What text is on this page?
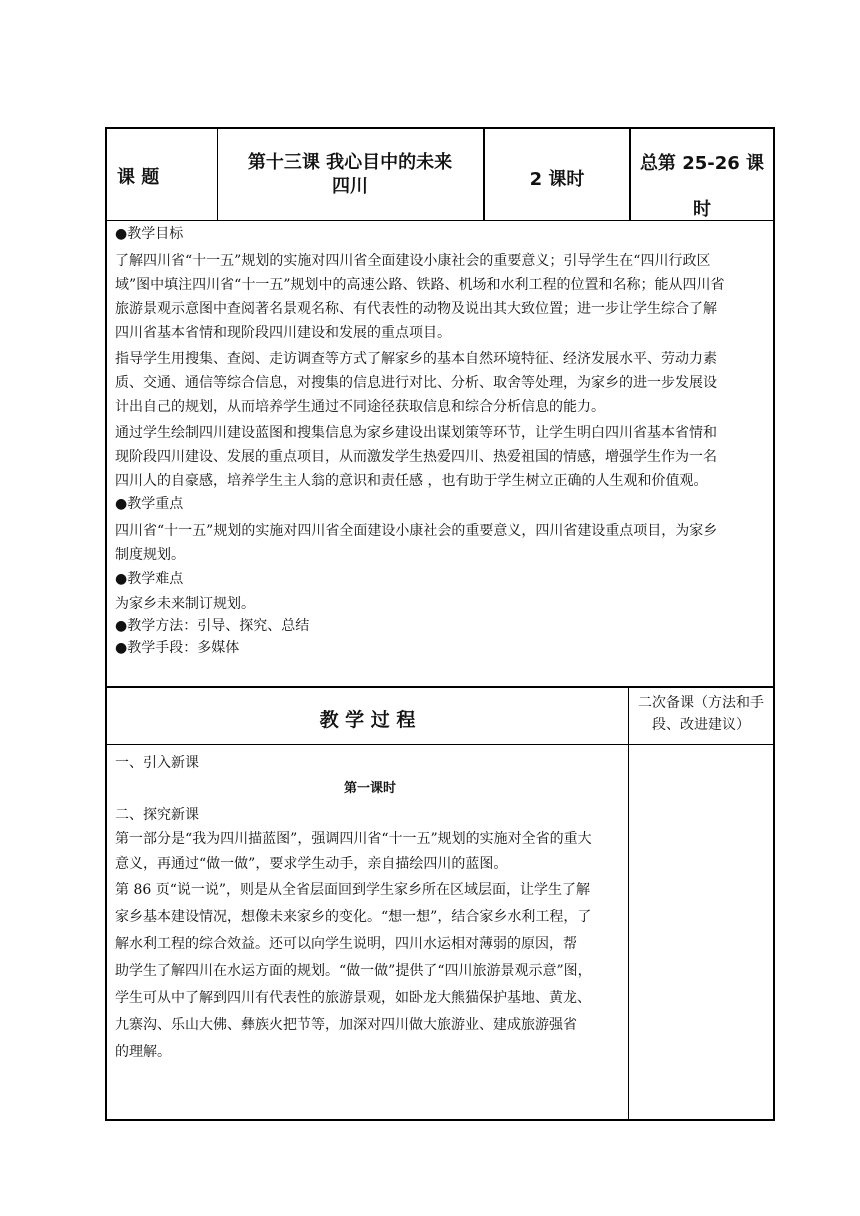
课 题
第十三课 我心目中的未来
四川	2 课时
总第 25-26 课
时

●教学目标

了解四川省“十一五”规划的实施对四川省全面建设小康社会的重要意义；引导学生在“四川行政区

域”图中填注四川省“十一五”规划中的高速公路、铁路、机场和水利工程的位置和名称；能从四川省

旅游景观示意图中查阅著名景观名称、有代表性的动物及说出其大致位置；进一步让学生综合了解

四川省基本省情和现阶段四川建设和发展的重点项目。

指导学生用搜集、查阅、走访调查等方式了解家乡的基本自然环境特征、经济发展水平、劳动力素

质、交通、通信等综合信息，对搜集的信息进行对比、分析、取舍等处理，为家乡的进一步发展设

计出自己的规划，从而培养学生通过不同途径获取信息和综合分析信息的能力。

通过学生绘制四川建设蓝图和搜集信息为家乡建设出谋划策等环节，让学生明白四川省基本省情和

现阶段四川建设、发展的重点项目，从而激发学生热爱四川、热爱祖国的情感，增强学生作为一名

四川人的自豪感，培养学生主人翁的意识和责任感 ，也有助于学生树立正确的人生观和价值观。

●教学重点

四川省“十一五”规划的实施对四川省全面建设小康社会的重要意义，四川省建设重点项目，为家乡

制度规划。

●教学难点

为家乡未来制订规划。

●教学方法：引导、探究、总结

●教学手段：多媒体

教 学 过 程
二次备课（方法和手
段、改进建议）

一、引入新课

第一课时

二、探究新课

第一部分是“我为四川描蓝图”，强调四川省“十一五”规划的实施对全省的重大

意义，再通过“做一做”，要求学生动手，亲自描绘四川的蓝图。

第 86 页“说一说”，则是从全省层面回到学生家乡所在区域层面，让学生了解

家乡基本建设情况，想像未来家乡的变化。“想一想”，结合家乡水利工程，了

解水利工程的综合效益。还可以向学生说明，四川水运相对薄弱的原因，帮

助学生了解四川在水运方面的规划。“做一做”提供了“四川旅游景观示意”图，

学生可从中了解到四川有代表性的旅游景观，如卧龙大熊猫保护基地、黄龙、

九寨沟、乐山大佛、彝族火把节等，加深对四川做大旅游业、建成旅游强省

的理解。
